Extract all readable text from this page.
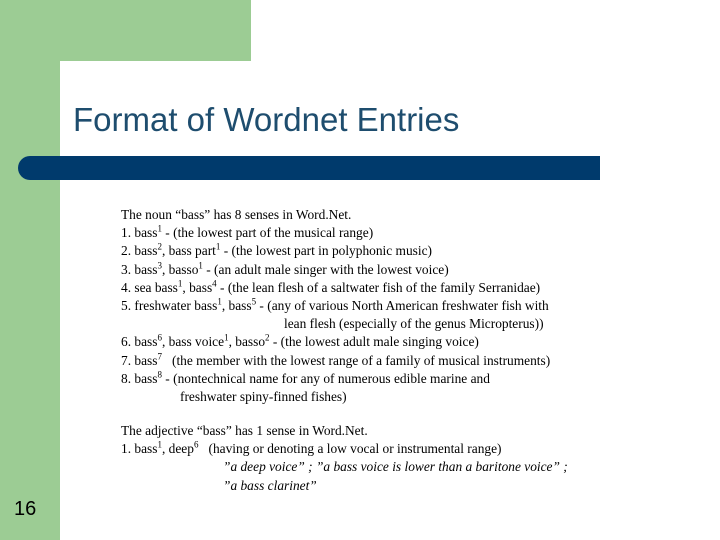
Format of Wordnet Entries
The noun “bass” has 8 senses in Word.Net.
1. bass$^1$ - (the lowest part of the musical range)
2. bass$^2$, bass part$^1$ - (the lowest part in polyphonic music)
3. bass$^3$, basso$^1$ - (an adult male singer with the lowest voice)
4. sea bass$^1$, bass$^4$ - (the lean flesh of a saltwater fish of the family Serranidae)
5. freshwater bass$^1$, bass$^5$ - (any of various North American freshwater fish with
lean flesh (especially of the genus Micropterus))
6. bass$^6$, bass voice$^1$, basso$^2$ - (the lowest adult male singing voice)
7. bass$^7$   (the member with the lowest range of a family of musical instruments)
8. bass$^8$ - (nontechnical name for any of numerous edible marine and
freshwater spiny-finned fishes)
The adjective “bass” has 1 sense in Word.Net.
1. bass$^1$, deep$^6$   (having or denoting a low vocal or instrumental range)
”a deep voice” ; ”a bass voice is lower than a baritone voice” ;
”a bass clarinet”
16
